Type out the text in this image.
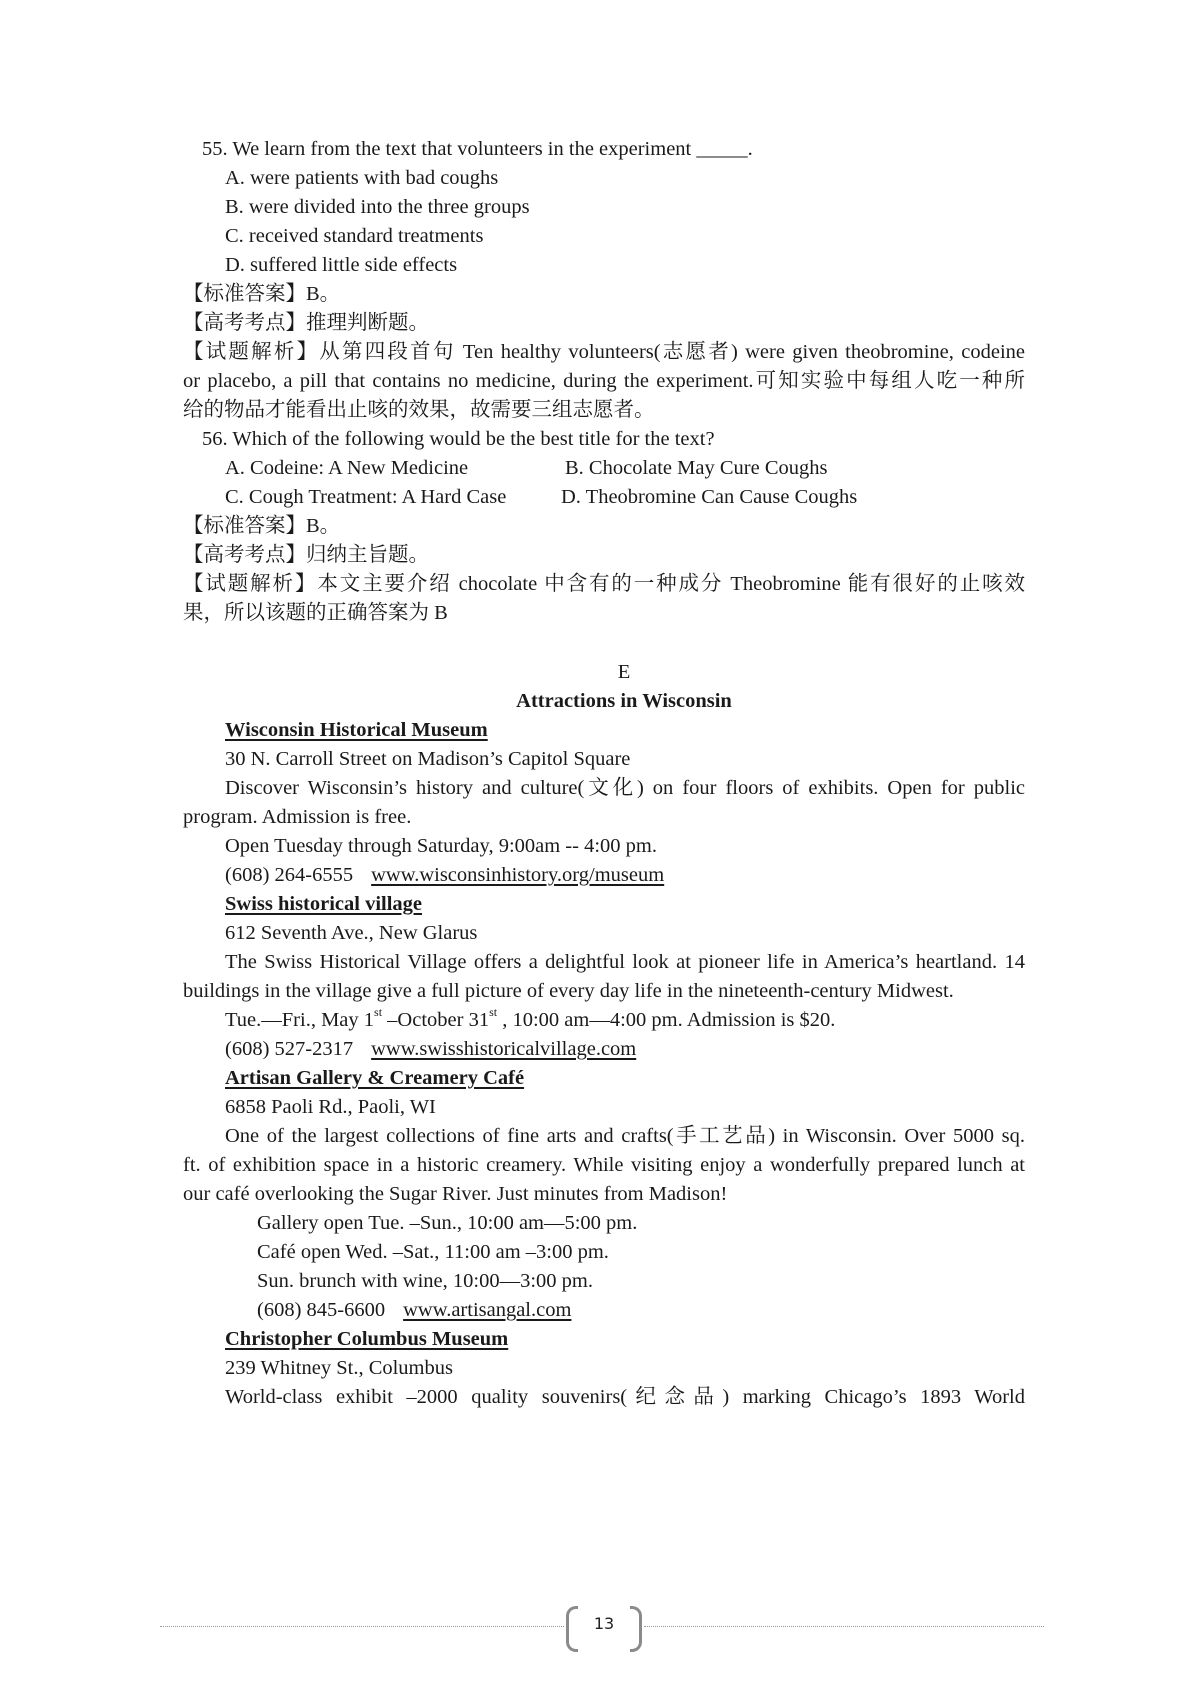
55. We learn from the text that volunteers in the experiment _____.
A. were patients with bad coughs
B. were divided into the three groups
C. received standard treatments
D. suffered little side effects
【标准答案】B。
【高考考点】推理判断题。
【试题解析】从第四段首句 Ten healthy volunteers(志愿者) were given theobromine, codeine
or placebo, a pill that contains no medicine, during the experiment.可知实验中每组人吃一种所
给的物品才能看出止咳的效果，故需要三组志愿者。
56. Which of the following would be the best title for the text?
A. Codeine: A New Medicine	B. Chocolate May Cure Coughs
C. Cough Treatment: A Hard Case	D. Theobromine Can Cause Coughs
【标准答案】B。
【高考考点】归纳主旨题。
【试题解析】本文主要介绍 chocolate 中含有的一种成分 Theobromine 能有很好的止咳效
果，所以该题的正确答案为 B
E
Attractions in Wisconsin
Wisconsin Historical Museum
30 N. Carroll Street on Madison’s Capitol Square
Discover Wisconsin’s history and culture(文化) on four floors of exhibits. Open for public
program. Admission is free.
Open Tuesday through Saturday, 9:00am -- 4:00 pm.
(608) 264-6555 www.wisconsinhistory.org/museum
Swiss historical village
612 Seventh Ave., New Glarus
The Swiss Historical Village offers a delightful look at pioneer life in America’s heartland. 14
buildings in the village give a full picture of every day life in the nineteenth-century Midwest.
Tue.—Fri., May 1st –October 31st , 10:00 am—4:00 pm. Admission is $20.
(608) 527-2317 www.swisshistoricalvillage.com
Artisan Gallery & Creamery Café
6858 Paoli Rd., Paoli, WI
One of the largest collections of fine arts and crafts(手工艺品) in Wisconsin. Over 5000 sq.
ft. of exhibition space in a historic creamery. While visiting enjoy a wonderfully prepared lunch at
our café overlooking the Sugar River. Just minutes from Madison!
Gallery open Tue. –Sun., 10:00 am—5:00 pm.
Café open Wed. –Sat., 11:00 am –3:00 pm.
Sun. brunch with wine, 10:00—3:00 pm.
(608) 845-6600 www.artisangal.com
Christopher Columbus Museum
239 Whitney St., Columbus
World-class exhibit –2000 quality souvenirs(纪念品) marking Chicago’s 1893 World
13
